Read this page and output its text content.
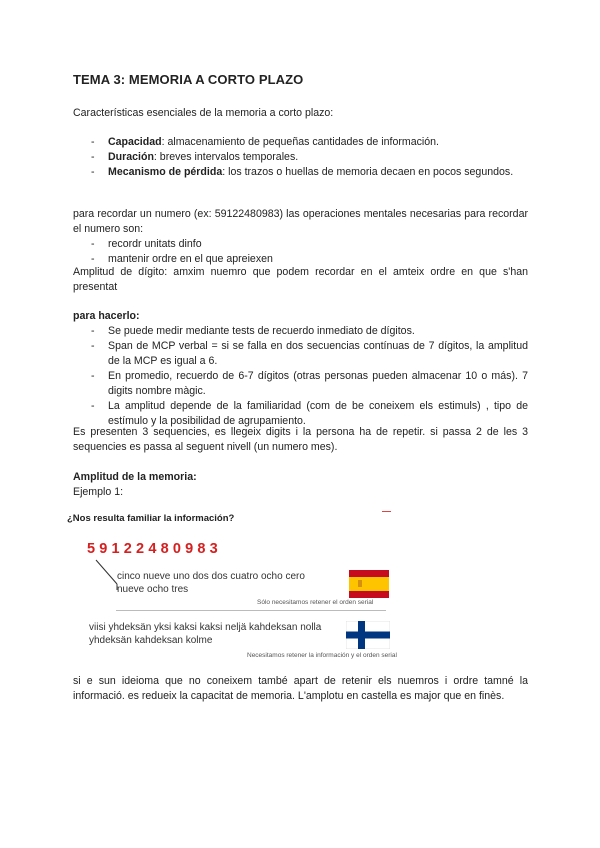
TEMA 3: MEMORIA A CORTO PLAZO

Características esenciales de la memoria a corto plazo:

- Capacidad: almacenamiento de pequeñas cantidades de información.
- Duración: breves intervalos temporales.
- Mecanismo de pérdida: los trazos o huellas de memoria decaen en pocos segundos.

para recordar un numero (ex: 59122480983) las operaciones mentales necesarias para recordar el numero son:

- recordr unitats dinfo
- mantenir ordre en el que apreiexen

Amplitud de dígito: amxim nuemro que podem recordar en el amteix ordre en que s'han presentat

para hacerlo:

- Se puede medir mediante tests de recuerdo inmediato de dígitos.
- Span de MCP verbal = si se falla en dos secuencias contínuas de 7 dígitos, la amplitud de la MCP es igual a 6.
- En promedio, recuerdo de 6-7 dígitos (otras personas pueden almacenar 10 o más). 7 digits nombre màgic.
- La amplitud depende de la familiaridad (com de be coneixem els estimuls) , tipo de estímulo y la posibilidad de agrupamiento.

Es presenten 3 sequencies, es llegeix digits i la persona ha de repetir. si passa 2 de les 3 sequencies es passa al seguent nivell (un numero mes).

Amplitud de la memoria:

Ejemplo 1:

¿Nos resulta familiar la información?
59122480983
cinco nueve uno dos dos cuatro ocho cero
nueve ocho tres
Sólo necesitamos retener el orden serial
viisi yhdeksän yksi kaksi kaksi neljä kahdeksan nolla
yhdeksän kahdeksan kolme
Necesitamos retener la información y el orden serial

si e sun ideioma que no coneixem també apart de retenir els nuemros i ordre tamné la informació. es redueix la capacitat de memoria. L'amplotu en castella es major que en finès.
